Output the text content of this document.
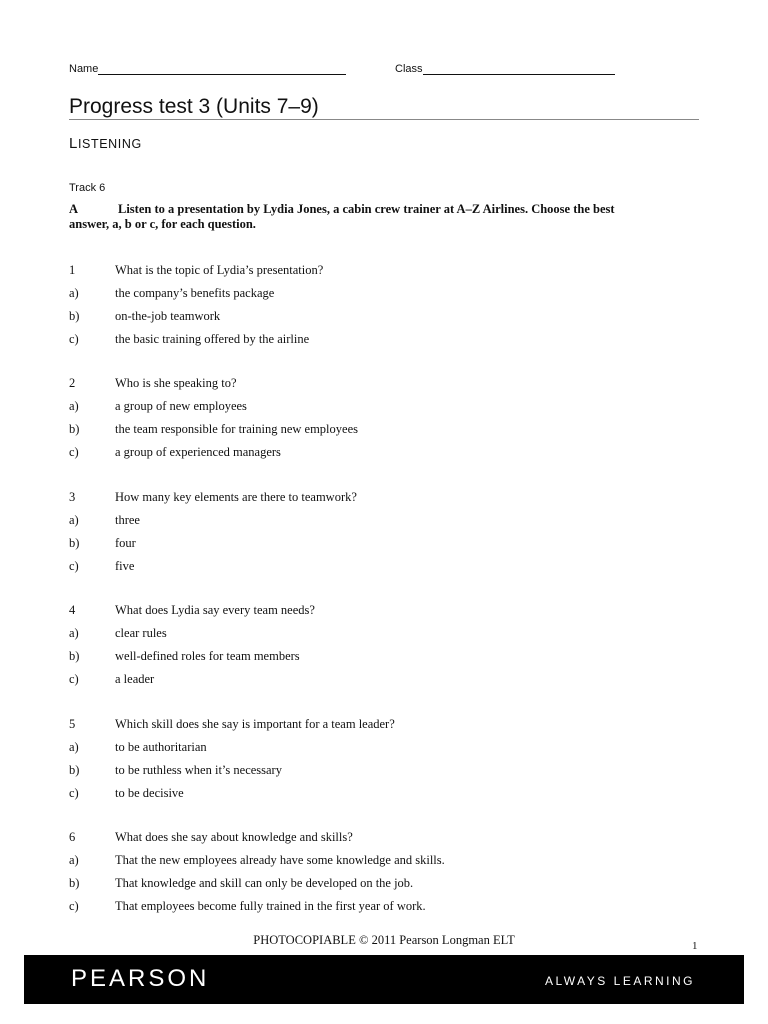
Name	Class
Progress test 3 (Units 7–9)
LISTENING
Track 6
A	Listen to a presentation by Lydia Jones, a cabin crew trainer at A–Z Airlines. Choose the best
answer, a, b or c, for each question.
1	What is the topic of Lydia’s presentation?
a)	the company’s benefits package
b)	on-the-job teamwork
c)	the basic training offered by the airline
2	Who is she speaking to?
a)	a group of new employees
b)	the team responsible for training new employees
c)	a group of experienced managers
3	How many key elements are there to teamwork?
a)	three
b)	four
c)	five
4	What does Lydia say every team needs?
a)	clear rules
b)	well-defined roles for team members
c)	a leader
5	Which skill does she say is important for a team leader?
a)	to be authoritarian
b)	to be ruthless when it’s necessary
c)	to be decisive
6	What does she say about knowledge and skills?
a)	That the new employees already have some knowledge and skills.
b)	That knowledge and skill can only be developed on the job.
c)	That employees become fully trained in the first year of work.
PHOTOCOPIABLE © 2011 Pearson Longman ELT	1
PEARSON	ALWAYS LEARNING
